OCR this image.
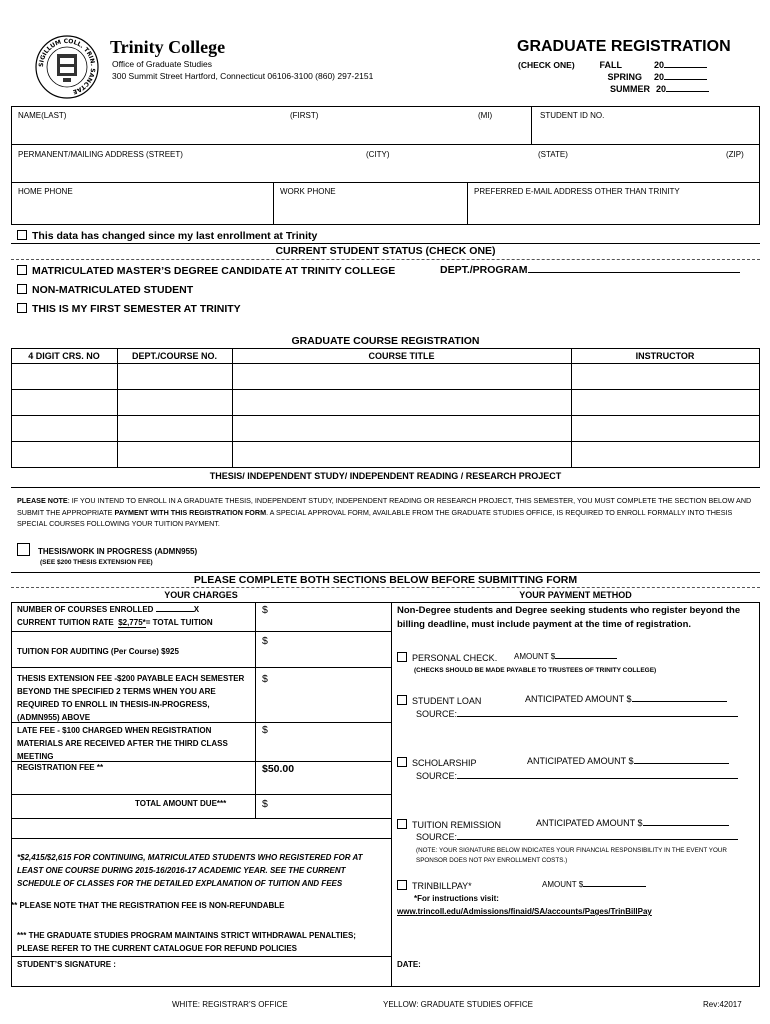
SIGILLUM COLL. TRIN. SANCTAE
Trinity College
Office of Graduate Studies
300 Summit Street Hartford, Connecticut 06106-3100 (860) 297-2151
GRADUATE REGISTRATION
(CHECK ONE)	FALL	20
SPRING 20
SUMMER 20
NAME(LAST)	(FIRST)	(MI)	STUDENT ID NO.
PERMANENT/MAILING ADDRESS (STREET)	(CITY)	(STATE)	(ZIP)
HOME PHONE	WORK PHONE	PREFERRED E-MAIL ADDRESS OTHER THAN TRINITY
This data has changed since my last enrollment at Trinity
CURRENT STUDENT STATUS (CHECK ONE)
MATRICULATED MASTER’S DEGREE CANDIDATE AT TRINITY COLLEGE	DEPT./PROGRAM
NON-MATRICULATED STUDENT
THIS IS MY FIRST SEMESTER AT TRINITY
GRADUATE COURSE REGISTRATION
4 DIGIT CRS. NO	DEPT./COURSE NO.	COURSE TITLE	INSTRUCTOR
THESIS/ INDEPENDENT STUDY/ INDEPENDENT READING / RESEARCH PROJECT
PLEASE NOTE: IF YOU INTEND TO ENROLL IN A GRADUATE THESIS, INDEPENDENT STUDY, INDEPENDENT READING OR RESEARCH PROJECT, THIS SEMESTER, YOU MUST COMPLETE THE SECTION BELOW AND SUBMIT THE APPROPRIATE PAYMENT WITH THIS REGISTRATION FORM. A SPECIAL APPROVAL FORM, AVAILABLE FROM THE GRADUATE STUDIES OFFICE, IS REQUIRED TO ENROLL FORMALLY INTO THESIS SPECIAL COURSES FOLLOWING YOUR TUITION PAYMENT.
THESIS/WORK IN PROGRESS (ADMN955)
(SEE $200 THESIS EXTENSION FEE)
PLEASE COMPLETE BOTH SECTIONS BELOW BEFORE SUBMITTING FORM
YOUR CHARGES	YOUR PAYMENT METHOD
NUMBER OF COURSES ENROLLED	X
CURRENT TUITION RATE $2,775*= TOTAL TUITION
$
TUITION FOR AUDITING (Per Course) $925
$
THESIS EXTENSION FEE -$200 PAYABLE EACH SEMESTER BEYOND THE SPECIFIED 2 TERMS WHEN YOU ARE REQUIRED TO ENROLL IN THESIS-IN-PROGRESS, (ADMN955) ABOVE
$
LATE FEE - $100 CHARGED WHEN REGISTRATION MATERIALS ARE RECEIVED AFTER THE THIRD CLASS MEETING
$
REGISTRATION FEE **	$50.00
TOTAL AMOUNT DUE***	$
*$2,415/$2,615 FOR CONTINUING, MATRICULATED STUDENTS WHO REGISTERED FOR AT LEAST ONE COURSE DURING 2015-16/2016-17 ACADEMIC YEAR. SEE THE CURRENT SCHEDULE OF CLASSES FOR THE DETAILED EXPLANATION OF TUITION AND FEES
** PLEASE NOTE THAT THE REGISTRATION FEE IS NON-REFUNDABLE
*** THE GRADUATE STUDIES PROGRAM MAINTAINS STRICT WITHDRAWAL PENALTIES; PLEASE REFER TO THE CURRENT CATALOGUE FOR REFUND POLICIES
STUDENT’S SIGNATURE :
Non-Degree students and Degree seeking students who register beyond the billing deadline, must include payment at the time of registration.
PERSONAL CHECK. AMOUNT $
(CHECKS SHOULD BE MADE PAYABLE TO TRUSTEES OF TRINITY COLLEGE)
STUDENT LOAN	ANTICIPATED AMOUNT $
SOURCE:
SCHOLARSHIP	ANTICIPATED AMOUNT $
SOURCE:
TUITION REMISSION	ANTICIPATED AMOUNT $
SOURCE:
(NOTE: YOUR SIGNATURE BELOW INDICATES YOUR FINANCIAL RESPONSIBILITY IN THE EVENT YOUR SPONSOR DOES NOT PAY ENROLLMENT COSTS.)
TRINBILLPAY*	AMOUNT $
*For instructions visit:
www.trincoll.edu/Admissions/finaid/SA/accounts/Pages/TrinBillPay
DATE:
WHITE: REGISTRAR’S OFFICE	YELLOW: GRADUATE STUDIES OFFICE	Rev:42017
